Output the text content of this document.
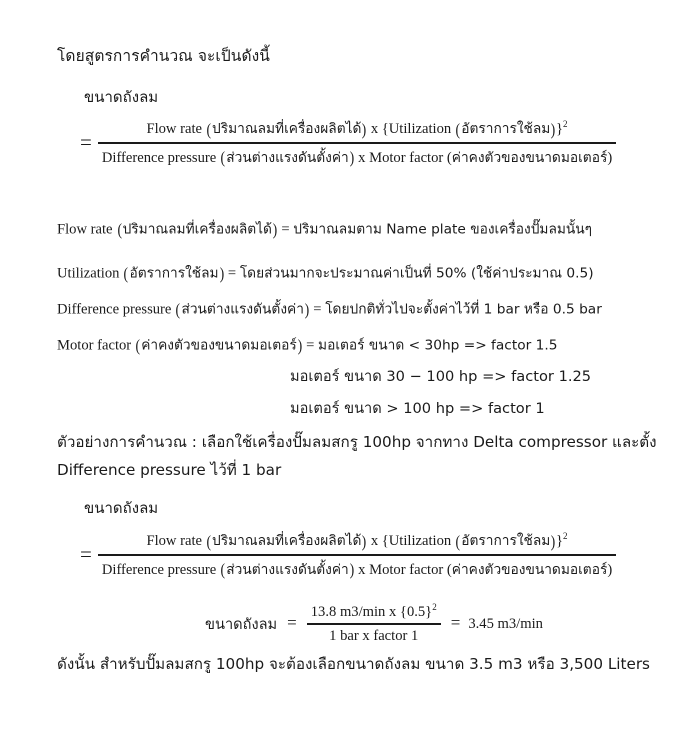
โดยสูตรการคำนวณ จะเป็นดังนี้
ขนาดถังลม
=
Flow rate (ปริมาณลมที่เครื่องผลิตได้) x {Utilization (อัตราการใช้ลม)}$^2$
Difference pressure (ส่วนต่างแรงดันตั้งค่า) x Motor factor (ค่าคงตัวของขนาดมอเตอร์)
Flow rate (ปริมาณลมที่เครื่องผลิตได้) = ปริมาณลมตาม Name plate ของเครื่องปั๊มลมนั้นๆ
Utilization (อัตราการใช้ลม) = โดยส่วนมากจะประมาณค่าเป็นที่ 50% (ใช้ค่าประมาณ 0.5)
Difference pressure (ส่วนต่างแรงดันตั้งค่า) = โดยปกติทั่วไปจะตั้งค่าไว้ที่ 1 bar หรือ 0.5 bar
Motor factor (ค่าคงตัวของขนาดมอเตอร์) = มอเตอร์ ขนาด < 30hp => factor 1.5
มอเตอร์ ขนาด 30 − 100 hp => factor 1.25
มอเตอร์ ขนาด > 100 hp => factor 1
ตัวอย่างการคำนวณ : เลือกใช้เครื่องปั๊มลมสกรู 100hp จากทาง Delta compressor และตั้ง
Difference pressure ไว้ที่ 1 bar
ขนาดถังลม
=
Flow rate (ปริมาณลมที่เครื่องผลิตได้) x {Utilization (อัตราการใช้ลม)}$^2$
Difference pressure (ส่วนต่างแรงดันตั้งค่า) x Motor factor (ค่าคงตัวของขนาดมอเตอร์)
ขนาดถังลม = $\frac{13.8 m3/\min x \{0.5\}^2}{\text{1 bar x factor 1}} = 3.45$ m3/min
ดังนั้น สำหรับปั๊มลมสกรู 100hp จะต้องเลือกขนาดถังลม ขนาด 3.5 m3 หรือ 3,500 Liters
